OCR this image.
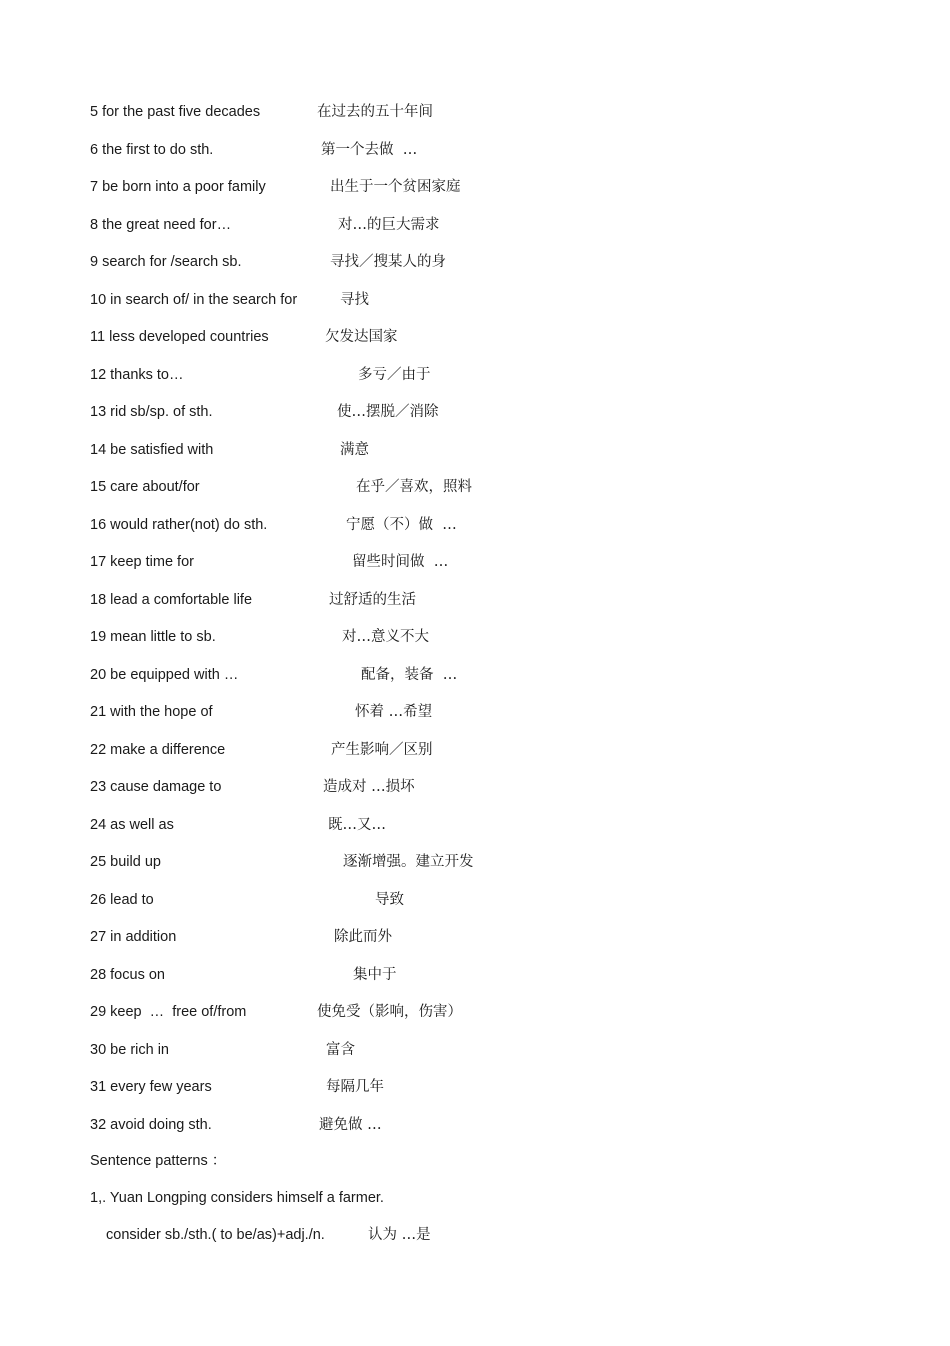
5 for the past five decades	在过去的五十年间
6 the first to do sth.	第一个去做  …
7 be born into a poor family	出生于一个贫困家庭
8 the great need for…	对…的巨大需求
9 search for /search sb.	寻找／搜某人的身
10 in search of/ in the search for	寻找
11 less developed countries	欠发达国家
12 thanks to…	多亏／由于
13 rid sb/sp. of sth.	使…摆脱／消除
14 be satisfied with	满意
15 care about/for	在乎／喜欢，照料
16 would rather(not) do sth.	宁愿（不）做  …
17 keep time for	留些时间做  …
18 lead a comfortable life	过舒适的生活
19 mean little to sb.	对…意义不大
20 be equipped with …	配备，装备  …
21 with the hope of	怀着 …希望
22 make a difference	产生影响／区别
23 cause damage to	造成对 …损坏
24 as well as	既…又…
25 build up	逐渐增强。建立开发
26 lead to	导致
27 in addition	除此而外
28 focus on	集中于
29 keep  …  free of/from	使免受（影响，伤害）
30 be rich in	富含
31 every few years	每隔几年
32 avoid doing sth.	避免做 …
Sentence patterns ：
1,. Yuan Longping considers himself a farmer.
consider sb./sth.( to be/as)+adj./n.	认为 …是
